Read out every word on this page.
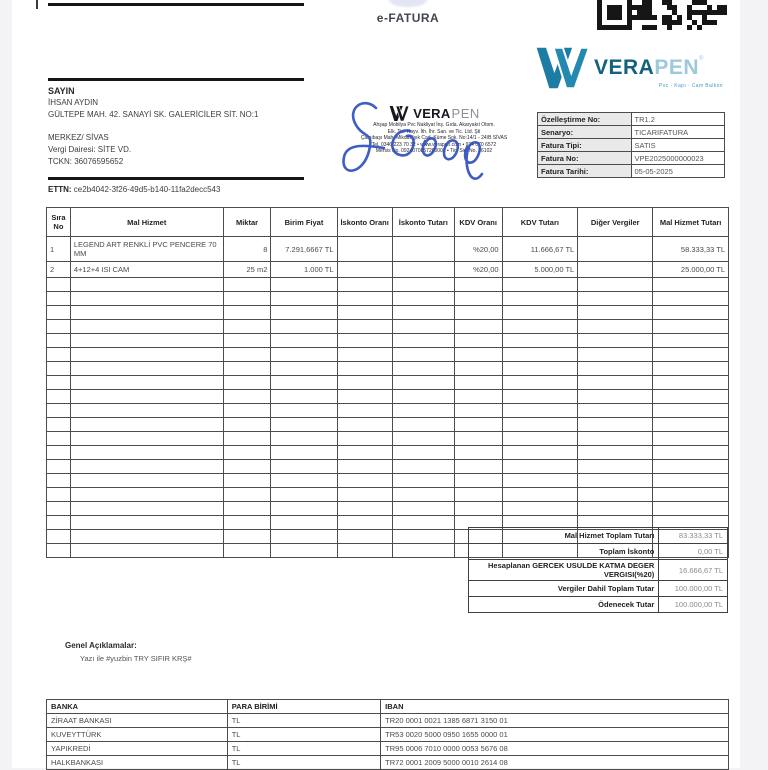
e-FATURA
SAYIN
İHSAN AYDIN
GÜLTEPE MAH. 42. SANAYİ SK. GALERİCİLER SİT. NO:1
MERKEZ/ SİVAS
Vergi Dairesi: SİTE VD.
TCKN: 36076595652
ETTN: ce2b4042-3f26-49d5-b140-11fa2decc543
VERA PEN
Ahşap Mobilya Pvc Nakliyat İnş. Gıda. Akaryakıt Otom.
Elk. Tic. Hayv. İth. İhr. San. ve Tic. Ltd. Şti
Çarşıbaşı Mah. Mikdat Işık Cad. Küme Sok. No:14/1 - 24/B SİVAS
Tel. 0346 223 70 32 • www.verapen.com • 934 070 6572
Mersis No. 0924070857200001 • Tic. Sic. No. 16102
VERAPEN®
Pvc · Kapı · Cam Balkon
Özelleştirme No:	TR1.2
Senaryo:	TICARIFATURA
Fatura Tipi:	SATIS
Fatura No:	VPE2025000000023
Fatura Tarihi:	05-05-2025
Sıra No	Mal Hizmet	Miktar	Birim Fiyat	İskonto Oranı	İskonto Tutarı	KDV Oranı	KDV Tutarı	Diğer Vergiler	Mal Hizmet Tutarı
1	LEGEND ART RENKLİ PVC PENCERE 70 MM	8	7.291,6667 TL			%20,00	11.666,67 TL		58.333,33 TL
2	4+12+4 ISI CAM	25 m2	1.000 TL			%20,00	5.000,00 TL		25.000,00 TL

Mal Hizmet Toplam Tutarı	83.333,33 TL
Toplam İskonto	0,00 TL
Hesaplanan GERCEK USULDE KATMA DEGER VERGISI(%20)	16.666,67 TL
Vergiler Dahil Toplam Tutar	100.000,00 TL
Ödenecek Tutar	100.000,00 TL
Genel Açıklamalar:
Yazı ile #yuzbin TRY SIFIR KRŞ#
BANKA	PARA BİRİMİ	IBAN
ZİRAAT BANKASI	TL	TR20 0001 0021 1385 6871 3150 01
KUVEYTTÜRK	TL	TR53 0020 5000 0950 1655 0000 01
YAPIKREDİ	TL	TR95 0006 7010 0000 0053 5676 08
HALKBANKASI	TL	TR72 0001 2009 5000 0010 2614 08
